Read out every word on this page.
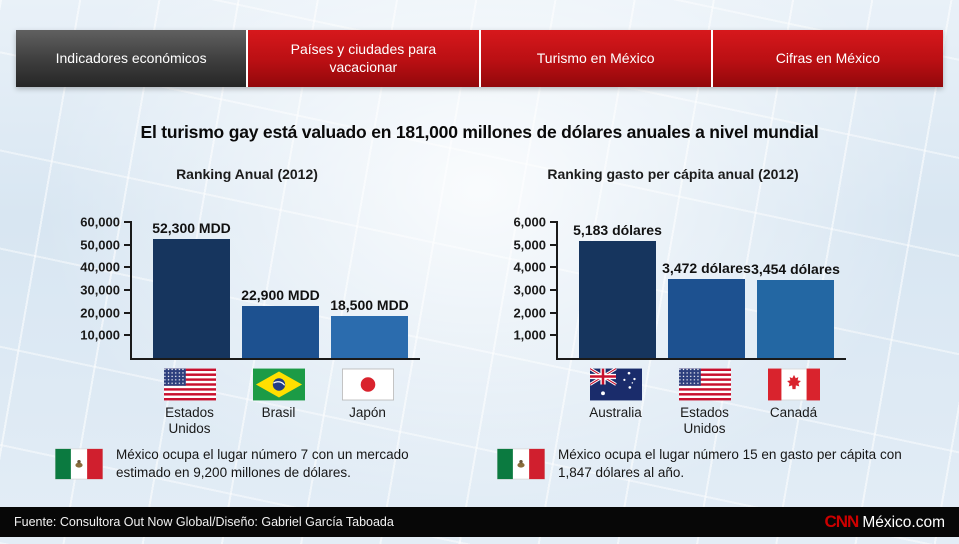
Indicadores económicos
Países y ciudades para vacacionar
Turismo en México	Cifras en México
El turismo gay está valuado en 181,000 millones de dólares anuales a nivel mundial
Ranking Anual (2012)
10,000
20,000
30,000
40,000
50,000
60,000 52,300 MDD
22,900 MDD
18,500 MDD
Estados Unidos
Brasil	Japón
Ranking gasto per cápita anual (2012)
1,000
2,000
3,000
4,000
5,000
6,000 5,183 dólares
3,472 dólares 3,454 dólares
Australia	Estados Unidos
Canadá
México ocupa el lugar número 7 con un mercado estimado en 9,200 millones de dólares.
México ocupa el lugar número 15 en gasto per cápita con 1,847 dólares al año.
Fuente: Consultora Out Now Global/Diseño: Gabriel García Taboada	CNN México.com
